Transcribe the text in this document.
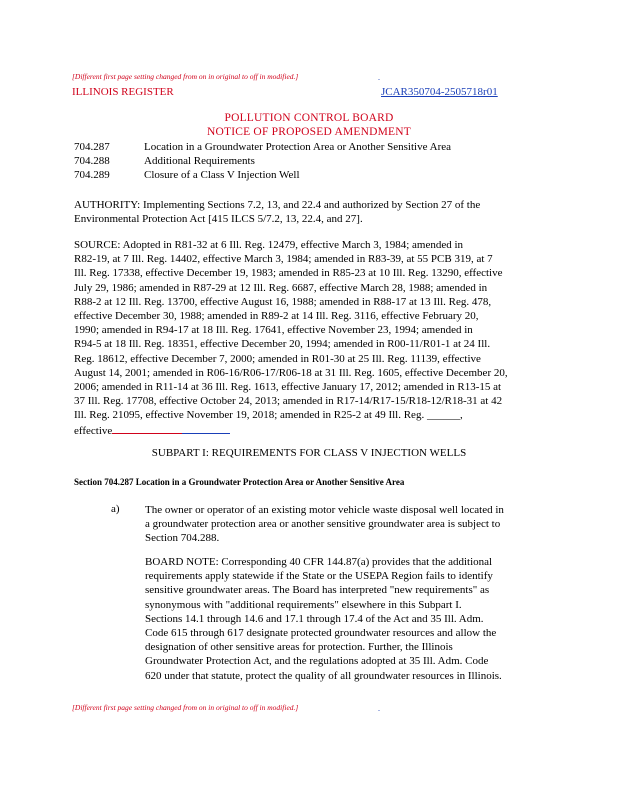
[Different first page setting changed from on in original to off in modified.]	.
ILLINOIS REGISTER	JCAR350704-2505718r01
POLLUTION CONTROL BOARD
NOTICE OF PROPOSED AMENDMENT
704.287	Location in a Groundwater Protection Area or Another Sensitive Area
704.288	Additional Requirements
704.289	Closure of a Class V Injection Well

AUTHORITY: Implementing Sections 7.2, 13, and 22.4 and authorized by Section 27 of the

Environmental Protection Act [415 ILCS 5/7.2, 13, 22.4, and 27].

SOURCE: Adopted in R81-32 at 6 Ill. Reg. 12479, effective March 3, 1984; amended in

R82-19, at 7 Ill. Reg. 14402, effective March 3, 1984; amended in R83-39, at 55 PCB 319, at 7

Ill. Reg. 17338, effective December 19, 1983; amended in R85-23 at 10 Ill. Reg. 13290, effective

July 29, 1986; amended in R87-29 at 12 Ill. Reg. 6687, effective March 28, 1988; amended in

R88-2 at 12 Ill. Reg. 13700, effective August 16, 1988; amended in R88-17 at 13 Ill. Reg. 478,

effective December 30, 1988; amended in R89-2 at 14 Ill. Reg. 3116, effective February 20,

1990; amended in R94-17 at 18 Ill. Reg. 17641, effective November 23, 1994; amended in

R94-5 at 18 Ill. Reg. 18351, effective December 20, 1994; amended in R00-11/R01-1 at 24 Ill.

Reg. 18612, effective December 7, 2000; amended in R01-30 at 25 Ill. Reg. 11139, effective

August 14, 2001; amended in R06-16/R06-17/R06-18 at 31 Ill. Reg. 1605, effective December 20,

2006; amended in R11-14 at 36 Ill. Reg. 1613, effective January 17, 2012; amended in R13-15 at

37 Ill. Reg. 17708, effective October 24, 2013; amended in R17-14/R17-15/R18-12/R18-31 at 42

Ill. Reg. 21095, effective November 19, 2018; amended in R25-2 at 49 Ill. Reg. ______,

effective

SUBPART I: REQUIREMENTS FOR CLASS V INJECTION WELLS
Section 704.287 Location in a Groundwater Protection Area or Another Sensitive Area
a) The owner or operator of an existing motor vehicle waste disposal well located in

a groundwater protection area or another sensitive groundwater area is subject to

Section 704.288.

BOARD NOTE: Corresponding 40 CFR 144.87(a) provides that the additional

requirements apply statewide if the State or the USEPA Region fails to identify

sensitive groundwater areas. The Board has interpreted "new requirements" as

synonymous with "additional requirements" elsewhere in this Subpart I.

Sections 14.1 through 14.6 and 17.1 through 17.4 of the Act and 35 Ill. Adm.

Code 615 through 617 designate protected groundwater resources and allow the

designation of other sensitive areas for protection. Further, the Illinois

Groundwater Protection Act, and the regulations adopted at 35 Ill. Adm. Code

620 under that statute, protect the quality of all groundwater resources in Illinois.

[Different first page setting changed from on in original to off in modified.]	.
